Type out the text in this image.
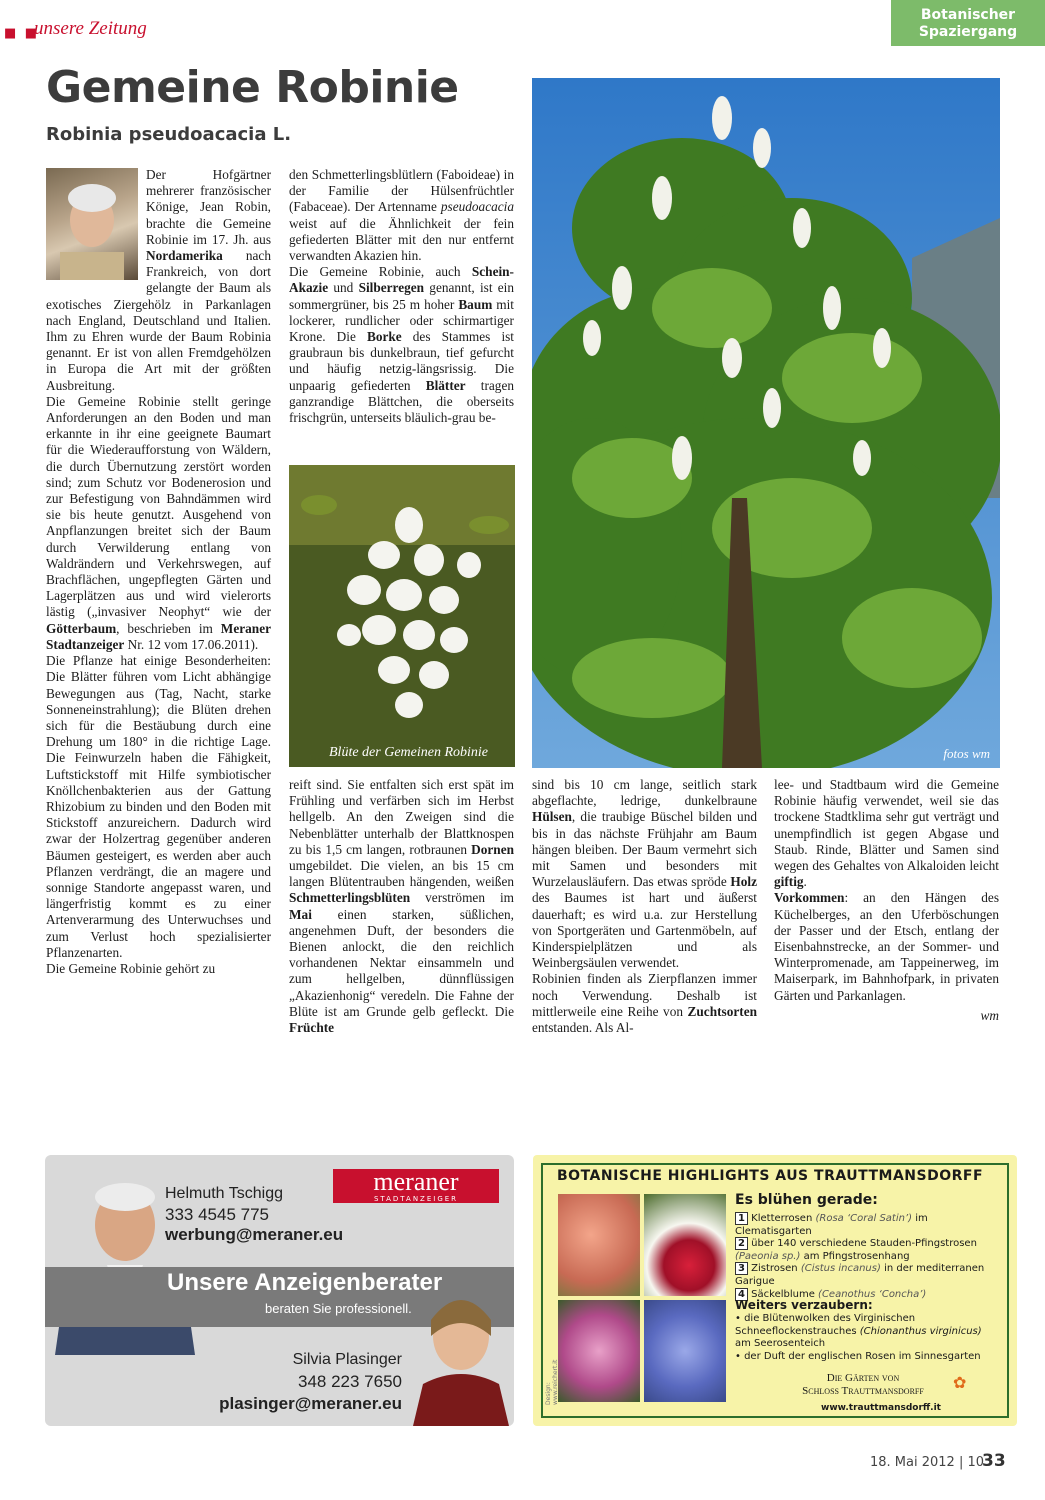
■ ■
unsere Zeitung
Botanischer
Spaziergang
Gemeine Robinie
Robinia pseudoacacia L.
Der Hofgärtner mehrerer französischer Könige, Jean Robin, brachte die Gemeine Robinie im 17. Jh. aus Nordamerika nach Frankreich, von dort gelangte der Baum als exotisches Ziergehölz in Parkanlagen nach England, Deutschland und Italien. Ihm zu Ehren wurde der Baum Robinia genannt. Er ist von allen Fremdgehölzen in Europa die Art mit der größten Ausbreitung.
Die Gemeine Robinie stellt geringe Anforderungen an den Boden und man erkannte in ihr eine geeignete Baumart für die Wiederaufforstung von Wäldern, die durch Übernutzung zerstört worden sind; zum Schutz vor Bodenerosion und zur Befestigung von Bahndämmen wird sie bis heute genutzt. Ausgehend von Anpflanzungen breitet sich der Baum durch Verwilderung entlang von Waldrändern und Verkehrswegen, auf Brachflächen, ungepflegten Gärten und Lagerplätzen aus und wird vielerorts lästig („invasiver Neophyt“ wie der Götterbaum, beschrieben im Meraner Stadtanzeiger Nr. 12 vom 17.06.2011).
Die Pflanze hat einige Besonderheiten: Die Blätter führen vom Licht abhängige Bewegungen aus (Tag, Nacht, starke Sonneneinstrahlung); die Blüten drehen sich für die Bestäubung durch eine Drehung um 180° in die richtige Lage. Die Feinwurzeln haben die Fähigkeit, Luftstickstoff mit Hilfe symbiotischer Knöllchenbakterien aus der Gattung Rhizobium zu binden und den Boden mit Stickstoff anzureichern. Dadurch wird zwar der Holzertrag gegenüber anderen Bäumen gesteigert, es werden aber auch Pflanzen verdrängt, die an magere und sonnige Standorte angepasst waren, und längerfristig kommt es zu einer Artenverarmung des Unterwuchses und zum Verlust hoch spezialisierter Pflanzenarten.
Die Gemeine Robinie gehört zu
den Schmetterlingsblütlern (Faboideae) in der Familie der Hülsenfrüchtler (Fabaceae). Der Artenname pseudoacacia weist auf die Ähnlichkeit der fein gefiederten Blätter mit den nur entfernt verwandten Akazien hin.
Die Gemeine Robinie, auch Schein-Akazie und Silberregen genannt, ist ein sommergrüner, bis 25 m hoher Baum mit lockerer, rundlicher oder schirmartiger Krone. Die Borke des Stammes ist graubraun bis dunkelbraun, tief gefurcht und häufig netzig-längsrissig. Die unpaarig gefiederten Blätter tragen ganzrandige Blättchen, die oberseits frischgrün, unterseits bläulich-grau be-
Blüte der Gemeinen Robinie	fotos wm
reift sind. Sie entfalten sich erst spät im Frühling und verfärben sich im Herbst hellgelb. An den Zweigen sind die Nebenblätter unterhalb der Blattknospen zu bis 1,5 cm langen, rotbraunen Dornen umgebildet. Die vielen, an bis 15 cm langen Blütentrauben hängenden, weißen Schmetterlingsblüten verströmen im Mai einen starken, süßlichen, angenehmen Duft, der besonders die Bienen anlockt, die den reichlich vorhandenen Nektar einsammeln und zum hellgelben, dünnflüssigen „Akazienhonig“ veredeln. Die Fahne der Blüte ist am Grunde gelb gefleckt. Die Früchte
sind bis 10 cm lange, seitlich stark abgeflachte, ledrige, dunkelbraune Hülsen, die traubige Büschel bilden und bis in das nächste Frühjahr am Baum hängen bleiben. Der Baum vermehrt sich mit Samen und besonders mit Wurzelausläufern. Das etwas spröde Holz des Baumes ist hart und äußerst dauerhaft; es wird u.a. zur Herstellung von Sportgeräten und Gartenmöbeln, auf Kinderspielplätzen und als Weinbergsäulen verwendet.
Robinien finden als Zierpflanzen immer noch Verwendung. Deshalb ist mittlerweile eine Reihe von Zuchtsorten entstanden. Als Al-
lee- und Stadtbaum wird die Gemeine Robinie häufig verwendet, weil sie das trockene Stadtklima sehr gut verträgt und unempfindlich ist gegen Abgase und Staub. Rinde, Blätter und Samen sind wegen des Gehaltes von Alkaloiden leicht giftig.
Vorkommen: an den Hängen des Küchelberges, an den Uferböschungen der Passer und der Etsch, entlang der Eisenbahnstrecke, an der Sommer- und Winterpromenade, am Tappeinerweg, im Maiserpark, im Bahnhofpark, in privaten Gärten und Parkanlagen.
wm
meraner
STADTANZEIGER
Helmuth Tschigg
333 4545 775
werbung@meraner.eu
Unsere Anzeigenberater
beraten Sie professionell.
Silvia Plasinger
348 223 7650
plasinger@meraner.eu
BOTANISCHE HIGHLIGHTS AUS TRAUTTMANSDORFF
Design: www.reichert.it
Es blühen gerade:
1 Kletterrosen (Rosa ‘Coral Satin’) im Clematisgarten
2 über 140 verschiedene Stauden-Pfingstrosen (Paeonia sp.) am Pfingstrosenhang
3 Zistrosen (Cistus incanus) in der mediterranen Garigue
4 Säckelblume (Ceanothus ‘Concha’)
Weiters verzaubern:
• die Blütenwolken des Virginischen Schneeflockenstrauches (Chionanthus virginicus) am Seerosenteich
• der Duft der englischen Rosen im Sinnesgarten
Die Gärten von
Schloss Trauttmansdorff	✿
www.trauttmansdorff.it
18. Mai 2012 | 10
33
